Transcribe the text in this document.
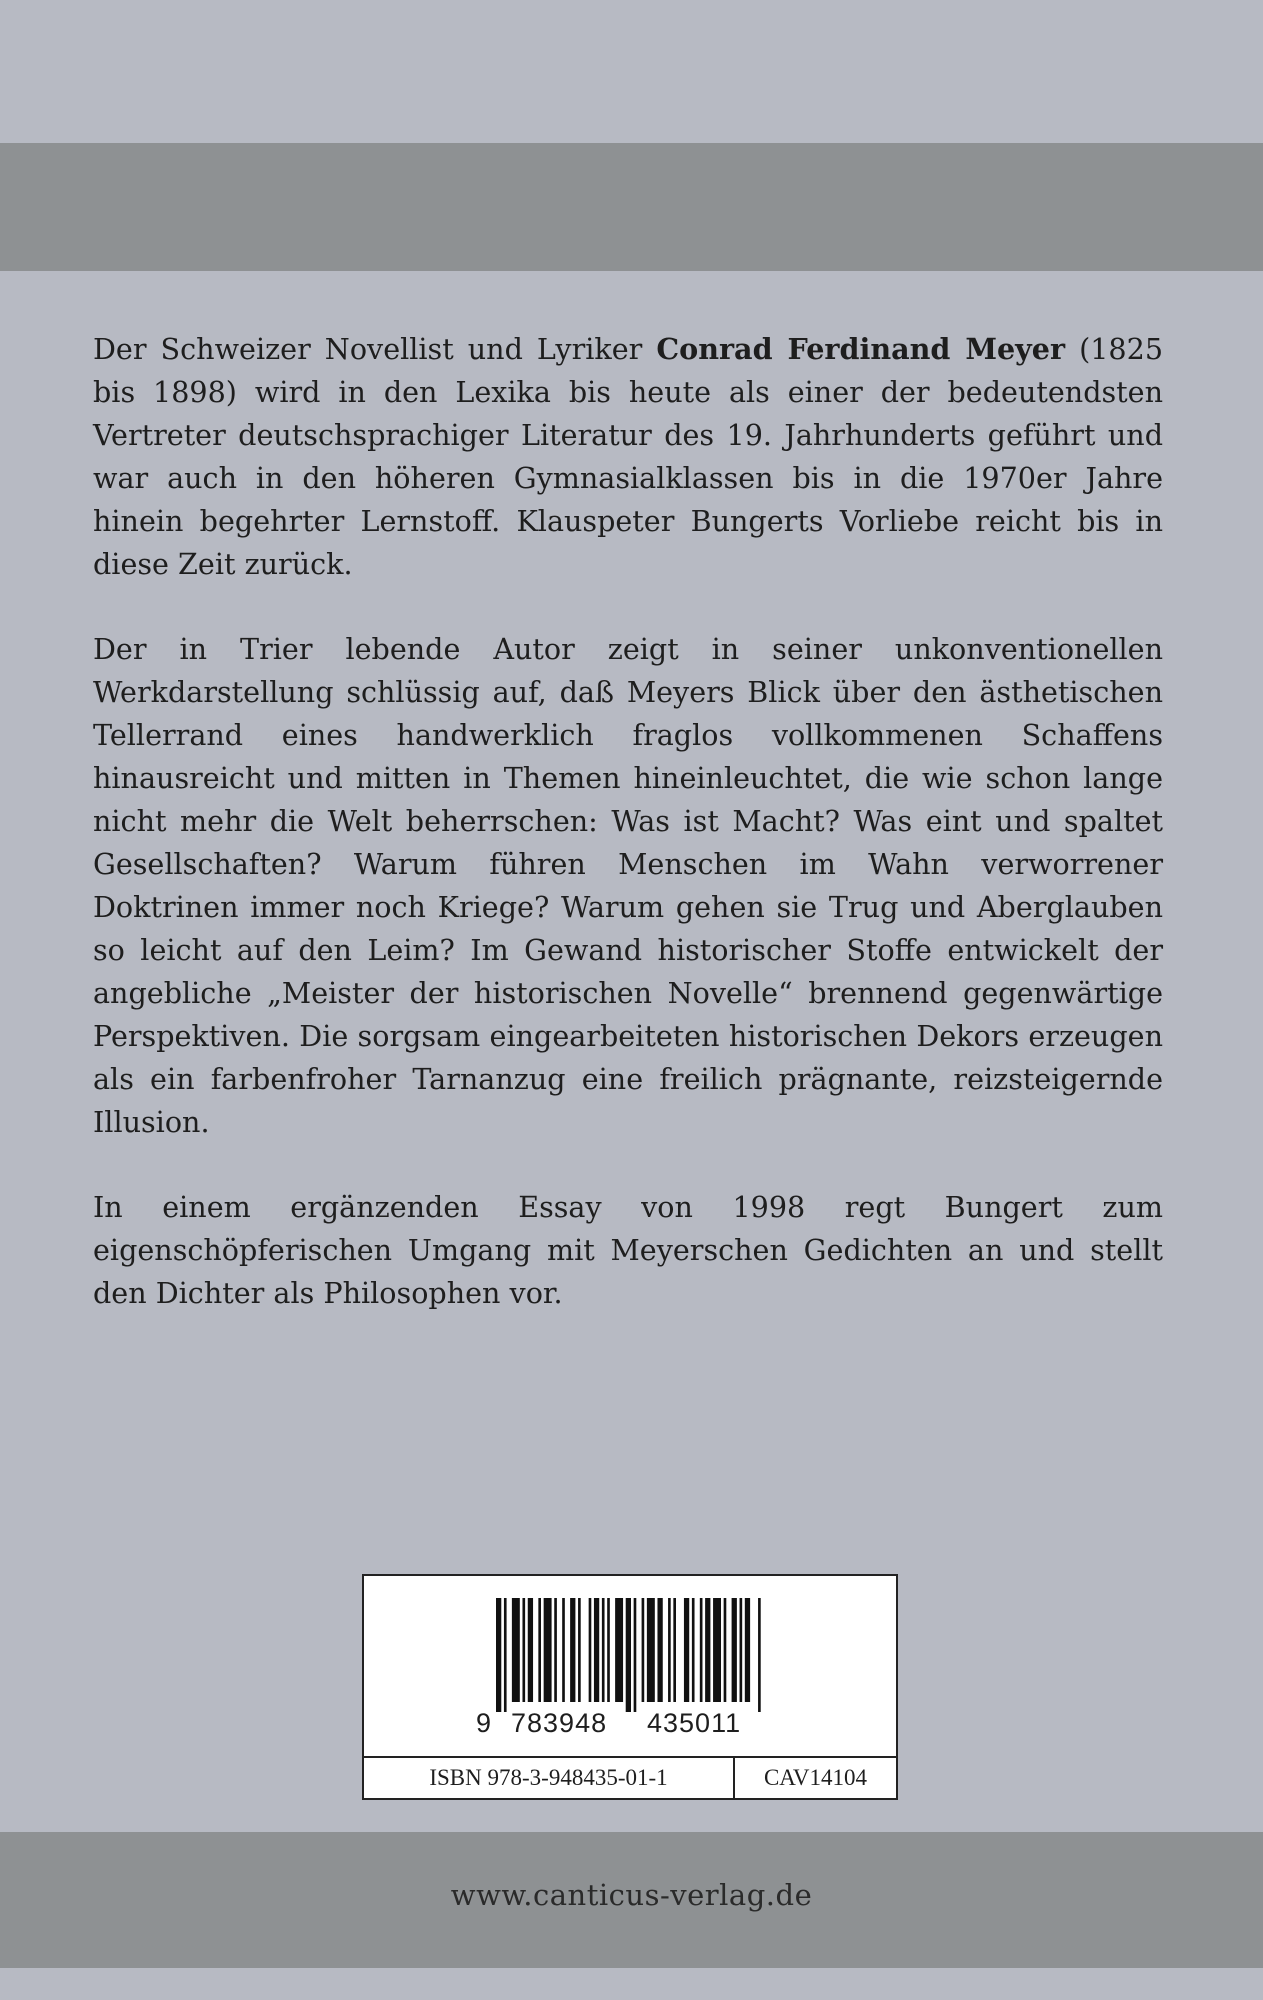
Der Schweizer Novellist und Lyriker Conrad Ferdinand Meyer (1825 bis 1898) wird in den Lexika bis heute als einer der bedeutendsten Vertreter deutschsprachiger Literatur des 19. Jahrhunderts geführt und war auch in den höheren Gymnasialklassen bis in die 1970er Jahre hinein begehrter Lernstoff. Klauspeter Bungerts Vorliebe reicht bis in diese Zeit zurück.

Der in Trier lebende Autor zeigt in seiner unkonventionellen Werkdarstellung schlüssig auf, daß Meyers Blick über den ästhetischen Tellerrand eines handwerklich fraglos vollkommenen Schaffens hinausreicht und mitten in Themen hineinleuchtet, die wie schon lange nicht mehr die Welt beherrschen: Was ist Macht? Was eint und spaltet Gesellschaften? Warum führen Menschen im Wahn verworrener Doktrinen immer noch Kriege? Warum gehen sie Trug und Aberglauben so leicht auf den Leim? Im Gewand historischer Stoffe entwickelt der angebliche „Meister der historischen Novelle“ brennend gegenwärtige Perspektiven. Die sorgsam eingearbeiteten historischen Dekors erzeugen als ein farbenfroher Tarnanzug eine freilich prägnante, reizsteigernde Illusion.

In einem ergänzenden Essay von 1998 regt Bungert zum eigenschöpferischen Umgang mit Meyerschen Gedichten an und stellt den Dichter als Philosophen vor.

9 783948 435011
ISBN 978-3-948435-01-1	CAV14104
www.canticus-verlag.de
